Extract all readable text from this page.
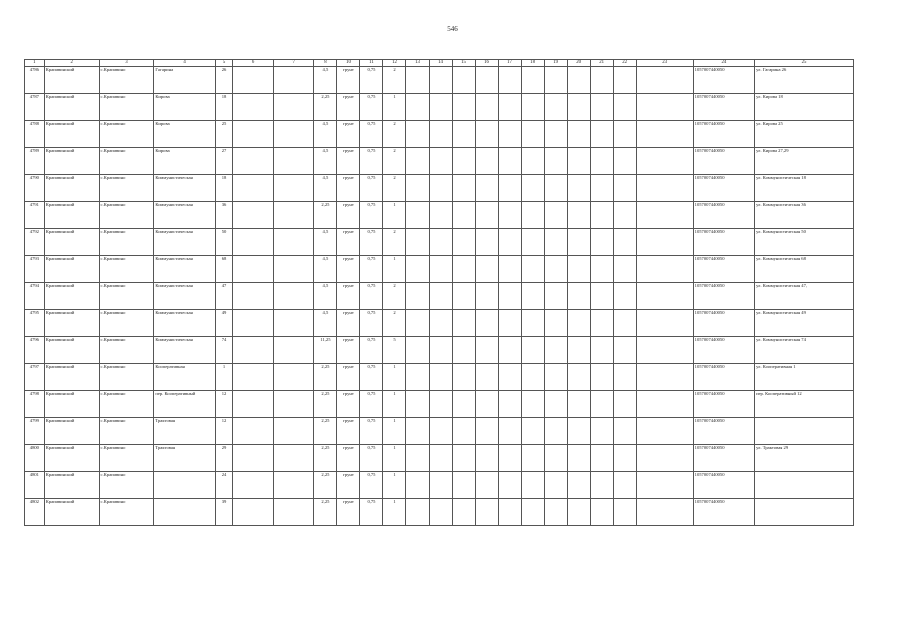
546
1	2	3	4	5	6	7	8	10	11	12	13	14	15	16	17	18	19	20	21	22	23	24	25
4786	Крапивинский	с.Крапивино	Гагарина	26			4,5	грунт	0,75	2												1057007440050	ул. Гагарина 26
4787	Крапивинский	с.Крапивино	Кирова	18			2,25	грунт	0,75	1												1057007440050	ул. Кирова 18
4788	Крапивинский	с.Крапивино	Кирова	25			4,5	грунт	0,75	2												1057007440050	ул. Кирова 25
4789	Крапивинский	с.Крапивино	Кирова	27			4,5	грунт	0,75	2												1057007440050	ул. Кирова 27,29
4790	Крапивинский	с.Крапивино	Коммунистическая	18			4,5	грунт	0,75	2												1057007440050	ул. Коммунистическая 18
4791	Крапивинский	с.Крапивино	Коммунистическая	36			2,25	грунт	0,75	1												1057007440050	ул. Коммунистическая 36
4792	Крапивинский	с.Крапивино	Коммунистическая	50			4,5	грунт	0,75	2												1057007440050	ул. Коммунистическая 50
4793	Крапивинский	с.Крапивино	Коммунистическая	68			4,5	грунт	0,75	1												1057007440050	ул. Коммунистическая 68
4794	Крапивинский	с.Крапивино	Коммунистическая	47			4,5	грунт	0,75	2												1057007440050	ул. Коммунистическая 47,
4795	Крапивинский	с.Крапивино	Коммунистическая	49			4,5	грунт	0,75	2												1057007440050	ул. Коммунистическая 49
4796	Крапивинский	с.Крапивино	Коммунистическая	74			11,25	грунт	0,75	5												1057007440050	ул. Коммунистическая 74
4797	Крапивинский	с.Крапивино	Кооперативная	1			2,25	грунт	0,75	1												1057007440050	ул. Кооперативная 1
4798	Крапивинский	с.Крапивино	пер. Кооперативный	12			2,25	грунт	0,75	1												1057007440050	пер. Кооперативный 12
4799	Крапивинский	с.Крапивино	Трактовая	12			2,25	грунт	0,75	1												1057007440050	
4800	Крапивинский	с.Крапивино	Трактовая	29			2,25	грунт	0,75	1												1057007440050	ул. Трактовая 29
4801	Крапивинский	с.Крапивино		24			2,25	грунт	0,75	1												1057007440050	
4802	Крапивинский	с.Крапивино		39			2,25	грунт	0,75	1												1057007440050	
